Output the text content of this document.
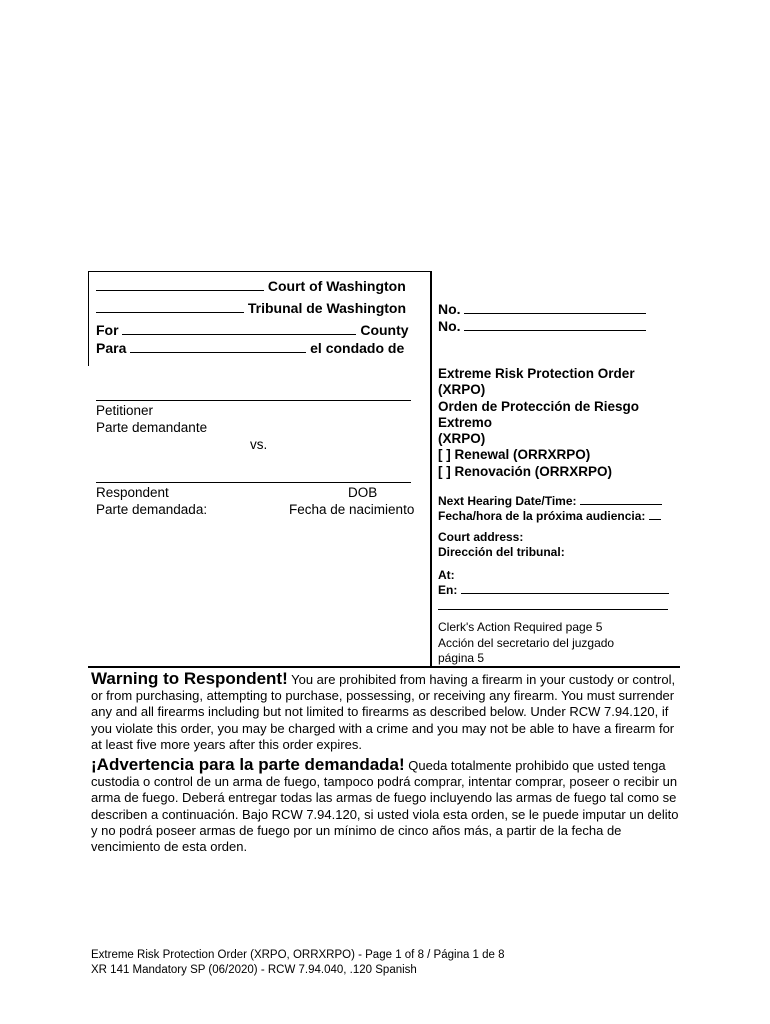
Court of Washington
Tribunal de Washington
For	County
Para	el condado de
No.
No.
Petitioner
Parte demandante
vs.
Respondent
Parte demandada:
DOB
Fecha de nacimiento
Extreme Risk Protection Order
(XRPO)
Orden de Protección de Riesgo
Extremo
(XRPO)
[ ] Renewal (ORRXRPO)
[ ] Renovación (ORRXRPO)
Next Hearing Date/Time:
Fecha/hora de la próxima audiencia:
Court address:
Dirección del tribunal:
At:
En:
Clerk's Action Required page 5
Acción del secretario del juzgado
página 5
Warning to Respondent! You are prohibited from having a firearm in your custody or control, or from purchasing, attempting to purchase, possessing, or receiving any firearm. You must surrender any and all firearms including but not limited to firearms as described below. Under RCW 7.94.120, if you violate this order, you may be charged with a crime and you may not be able to have a firearm for at least five more years after this order expires.
¡Advertencia para la parte demandada! Queda totalmente prohibido que usted tenga custodia o control de un arma de fuego, tampoco podrá comprar, intentar comprar, poseer o recibir un arma de fuego. Deberá entregar todas las armas de fuego incluyendo las armas de fuego tal como se describen a continuación. Bajo RCW 7.94.120, si usted viola esta orden, se le puede imputar un delito y no podrá poseer armas de fuego por un mínimo de cinco años más, a partir de la fecha de vencimiento de esta orden.
Extreme Risk Protection Order (XRPO, ORRXRPO) - Page 1 of 8 / Página 1 de 8
XR 141 Mandatory SP (06/2020) - RCW 7.94.040, .120 Spanish
